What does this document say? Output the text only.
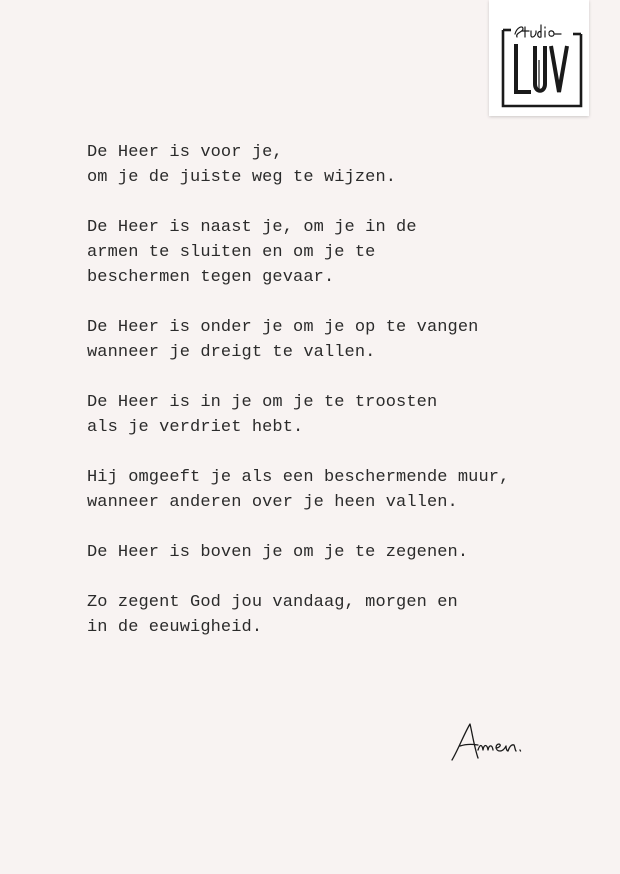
De Heer is voor je,
om je de juiste weg te wijzen.
De Heer is naast je, om je in de
armen te sluiten en om je te
beschermen tegen gevaar.
De Heer is onder je om je op te vangen
wanneer je dreigt te vallen.
De Heer is in je om je te troosten
als je verdriet hebt.
Hij omgeeft je als een beschermende muur,
wanneer anderen over je heen vallen.
De Heer is boven je om je te zegenen.
Zo zegent God jou vandaag, morgen en
in de eeuwigheid.
